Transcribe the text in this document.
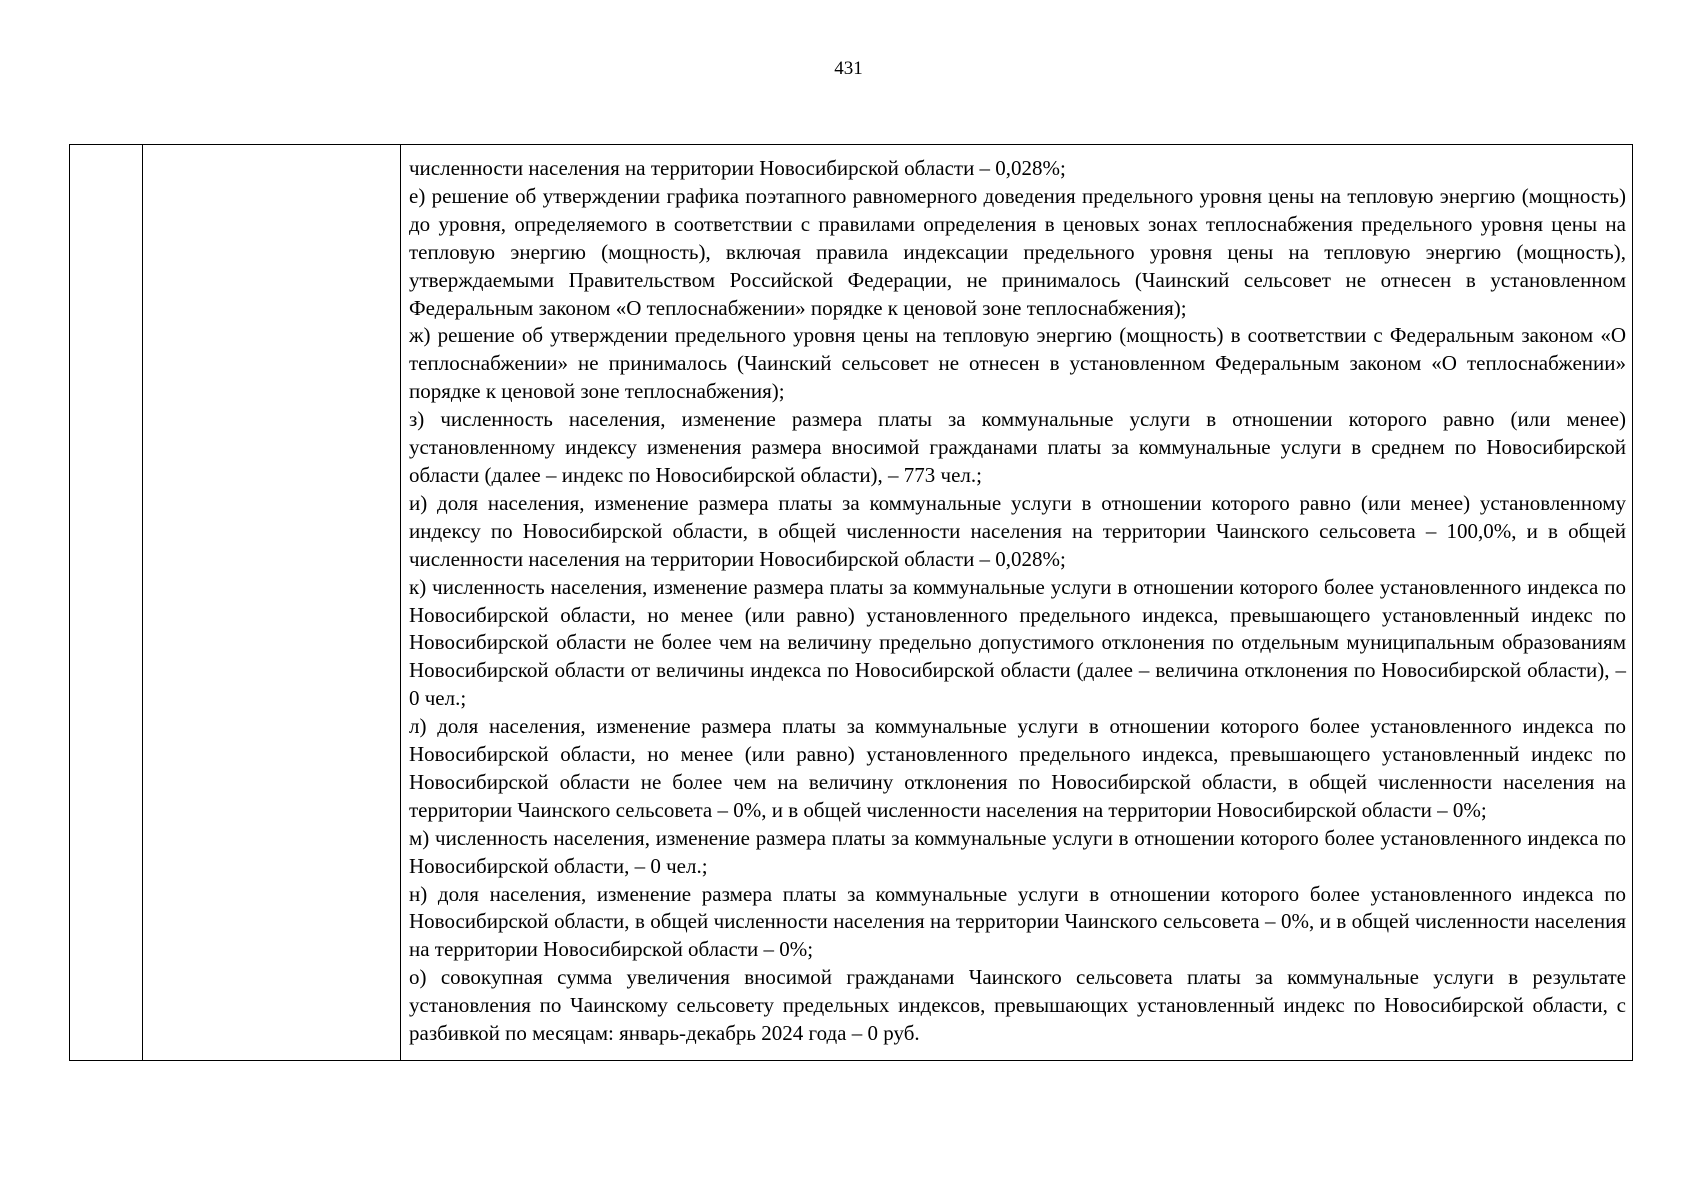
431

численности населения на территории Новосибирской области – 0,028%;

е) решение об утверждении графика поэтапного равномерного доведения предельного уровня цены на тепловую энергию (мощность) до уровня, определяемого в соответствии с правилами определения в ценовых зонах теплоснабжения предельного уровня цены на тепловую энергию (мощность), включая правила индексации предельного уровня цены на тепловую энергию (мощность), утверждаемыми Правительством Российской Федерации, не принималось (Чаинский сельсовет не отнесен в установленном Федеральным законом «О теплоснабжении» порядке к ценовой зоне теплоснабжения);

ж) решение об утверждении предельного уровня цены на тепловую энергию (мощность) в соответствии с Федеральным законом «О теплоснабжении» не принималось (Чаинский сельсовет не отнесен в установленном Федеральным законом «О теплоснабжении» порядке к ценовой зоне теплоснабжения);

з) численность населения, изменение размера платы за коммунальные услуги в отношении которого равно (или менее) установленному индексу изменения размера вносимой гражданами платы за коммунальные услуги в среднем по Новосибирской области (далее – индекс по Новосибирской области), – 773 чел.;

и) доля населения, изменение размера платы за коммунальные услуги в отношении которого равно (или менее) установленному индексу по Новосибирской области, в общей численности населения на территории Чаинского сельсовета – 100,0%, и в общей численности населения на территории Новосибирской области – 0,028%;

к) численность населения, изменение размера платы за коммунальные услуги в отношении которого более установленного индекса по Новосибирской области, но менее (или равно) установленного предельного индекса, превышающего установленный индекс по Новосибирской области не более чем на величину предельно допустимого отклонения по отдельным муниципальным образованиям Новосибирской области от величины индекса по Новосибирской области (далее – величина отклонения по Новосибирской области), – 0 чел.;

л) доля населения, изменение размера платы за коммунальные услуги в отношении которого более установленного индекса по Новосибирской области, но менее (или равно) установленного предельного индекса, превышающего установленный индекс по Новосибирской области не более чем на величину отклонения по Новосибирской области, в общей численности населения на территории Чаинского сельсовета – 0%, и в общей численности населения на территории Новосибирской области – 0%;

м) численность населения, изменение размера платы за коммунальные услуги в отношении которого более установленного индекса по Новосибирской области, – 0 чел.;

н) доля населения, изменение размера платы за коммунальные услуги в отношении которого более установленного индекса по Новосибирской области, в общей численности населения на территории Чаинского сельсовета – 0%, и в общей численности населения на территории Новосибирской области – 0%;

о) совокупная сумма увеличения вносимой гражданами Чаинского сельсовета платы за коммунальные услуги в результате установления по Чаинскому сельсовету предельных индексов, превышающих установленный индекс по Новосибирской области, с разбивкой по месяцам: январь-декабрь 2024 года – 0 руб.
